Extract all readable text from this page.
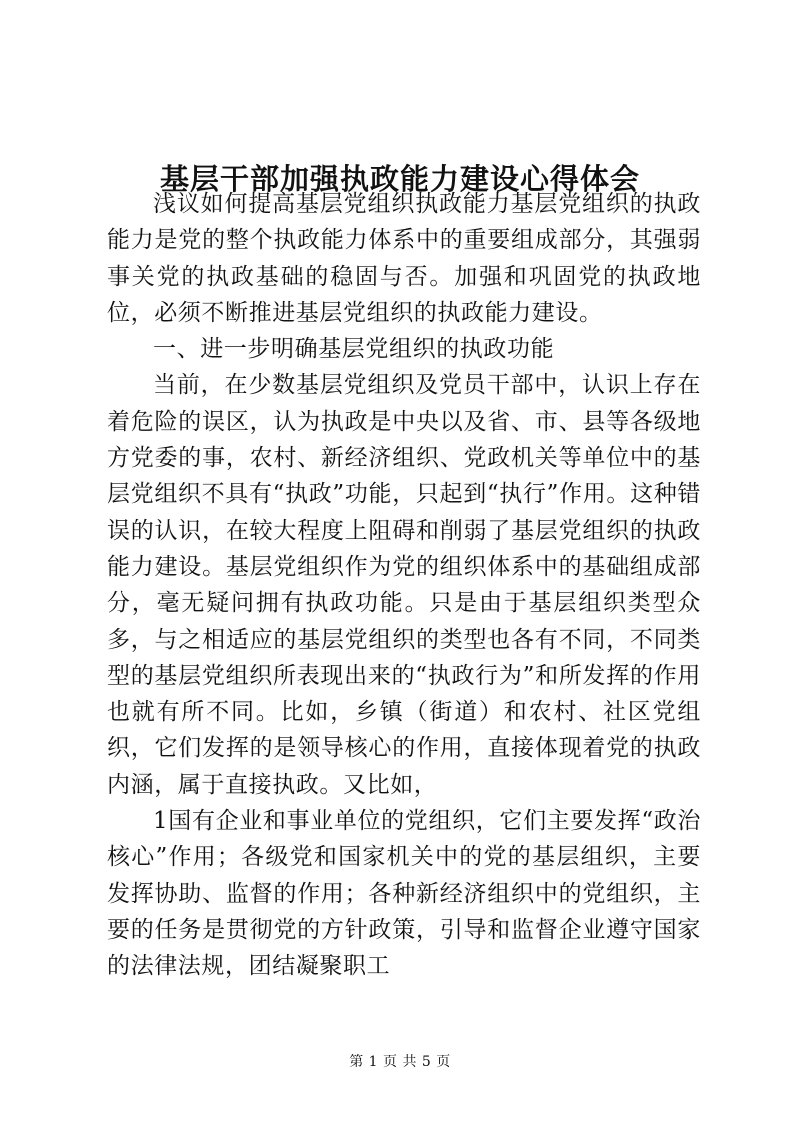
基层干部加强执政能力建设心得体会

浅议如何提高基层党组织执政能力基层党组织的执政能力是党的整个执政能力体系中的重要组成部分，其强弱事关党的执政基础的稳固与否。加强和巩固党的执政地位，必须不断推进基层党组织的执政能力建设。

一、进一步明确基层党组织的执政功能

当前，在少数基层党组织及党员干部中，认识上存在着危险的误区，认为执政是中央以及省、市、县等各级地方党委的事，农村、新经济组织、党政机关等单位中的基层党组织不具有“执政”功能，只起到“执行”作用。这种错误的认识，在较大程度上阻碍和削弱了基层党组织的执政能力建设。基层党组织作为党的组织体系中的基础组成部分，毫无疑问拥有执政功能。只是由于基层组织类型众多，与之相适应的基层党组织的类型也各有不同，不同类型的基层党组织所表现出来的“执政行为”和所发挥的作用也就有所不同。比如，乡镇（街道）和农村、社区党组织，它们发挥的是领导核心的作用，直接体现着党的执政内涵，属于直接执政。又比如，

1国有企业和事业单位的党组织，它们主要发挥“政治核心”作用；各级党和国家机关中的党的基层组织，主要发挥协助、监督的作用；各种新经济组织中的党组织，主要的任务是贯彻党的方针政策，引导和监督企业遵守国家的法律法规，团结凝聚职工

第 1 页 共 5 页
